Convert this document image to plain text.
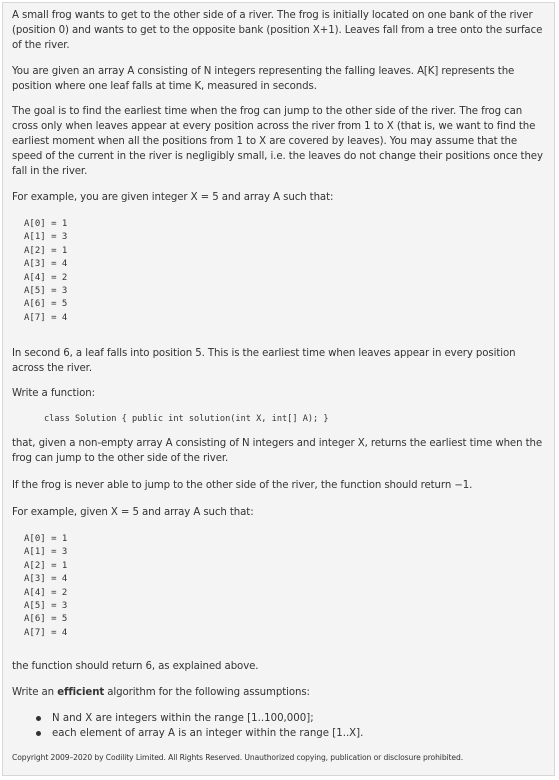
A small frog wants to get to the other side of a river. The frog is initially located on one bank of the river (position 0) and wants to get to the opposite bank (position X+1). Leaves fall from a tree onto the surface of the river.

You are given an array A consisting of N integers representing the falling leaves. A[K] represents the position where one leaf falls at time K, measured in seconds.

The goal is to find the earliest time when the frog can jump to the other side of the river. The frog can cross only when leaves appear at every position across the river from 1 to X (that is, we want to find the earliest moment when all the positions from 1 to X are covered by leaves). You may assume that the speed of the current in the river is negligibly small, i.e. the leaves do not change their positions once they fall in the river.

For example, you are given integer X = 5 and array A such that:

A[0] = 1
A[1] = 3
A[2] = 1
A[3] = 4
A[4] = 2
A[5] = 3
A[6] = 5
A[7] = 4

In second 6, a leaf falls into position 5. This is the earliest time when leaves appear in every position across the river.

Write a function:

class Solution { public int solution(int X, int[] A); }

that, given a non-empty array A consisting of N integers and integer X, returns the earliest time when the frog can jump to the other side of the river.

If the frog is never able to jump to the other side of the river, the function should return −1.

For example, given X = 5 and array A such that:

A[0] = 1
A[1] = 3
A[2] = 1
A[3] = 4
A[4] = 2
A[5] = 3
A[6] = 5
A[7] = 4

the function should return 6, as explained above.

Write an efficient algorithm for the following assumptions:

N and X are integers within the range [1..100,000];
each element of array A is an integer within the range [1..X].
Copyright 2009–2020 by Codility Limited. All Rights Reserved. Unauthorized copying, publication or disclosure prohibited.
